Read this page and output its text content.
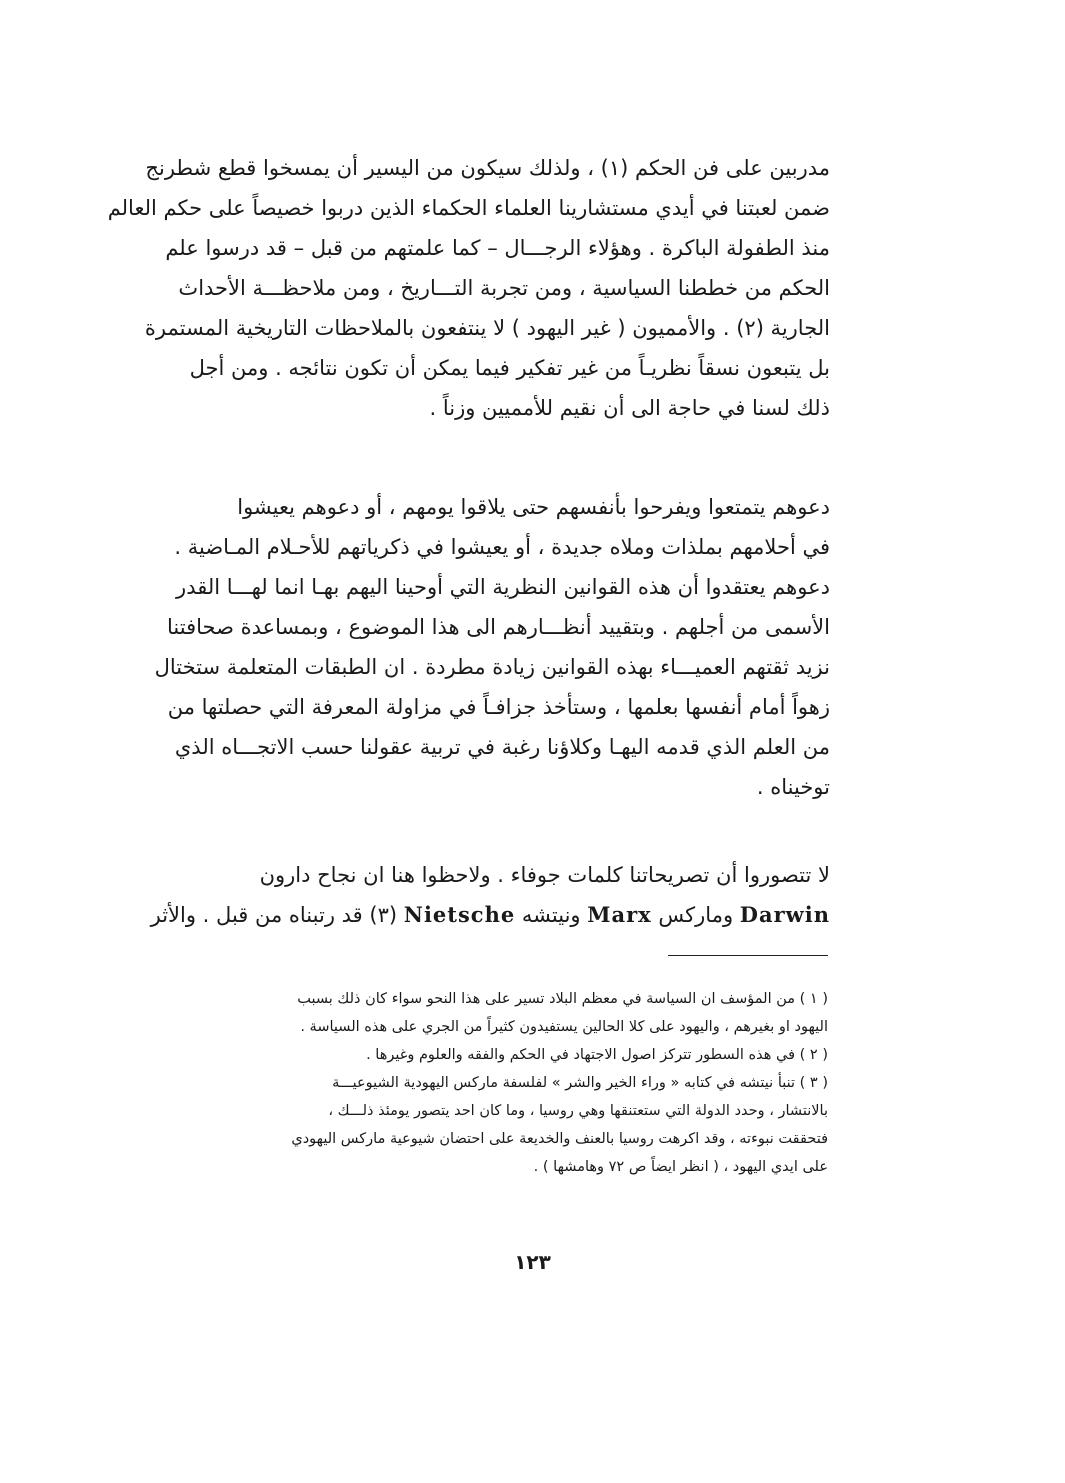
مدربين على فن الحكم (١) ، ولذلك سيكون من اليسير أن يمسخوا قطع شطرنج
ضمن لعبتنا في أيدي مستشارينا العلماء الحكماء الذين دربوا خصيصاً على حكم العالم
منذ الطفولة الباكرة . وهؤلاء الرجـــال – كما علمتهم من قبل – قد درسوا علم
الحكم من خططنا السياسية ، ومن تجربة التـــاريخ ، ومن ملاحظـــة الأحداث
الجارية (٢) . والأمميون ( غير اليهود ) لا ينتفعون بالملاحظات التاريخية المستمرة
بل يتبعون نسقاً نظريـاً من غير تفكير فيما يمكن أن تكون نتائجه . ومن أجل
ذلك لسنا في حاجة الى أن نقيم للأمميين وزناً .
دعوهم يتمتعوا ويفرحوا بأنفسهم حتى يلاقوا يومهم ، أو دعوهم يعيشوا
في أحلامهم بملذات وملاه جديدة ، أو يعيشوا في ذكرياتهم للأحـلام المـاضية .
دعوهم يعتقدوا أن هذه القوانين النظرية التي أوحينا اليهم بهـا انما لهـــا القدر
الأسمى من أجلهم . وبتقييد أنظـــارهم الى هذا الموضوع ، وبمساعدة صحافتنا
نزيد ثقتهم العميـــاء بهذه القوانين زيادة مطردة . ان الطبقات المتعلمة ستختال
زهواً أمام أنفسها بعلمها ، وستأخذ جزافـاً في مزاولة المعرفة التي حصلتها من
من العلم الذي قدمه اليهـا وكلاؤنا رغبة في تربية عقولنا حسب الاتجـــاه الذي
توخيناه .
لا تتصوروا أن تصريحاتنا كلمات جوفاء . ولاحظوا هنا ان نجاح دارون
Darwin ومارکس Marx ونيتشه Nietsche (٣) قد رتبناه من قبل . والأثر
( ١ ) من المؤسف ان السياسة في معظم البلاد تسير على هذا النحو سواء كان ذلك بسبب
اليهود او بغيرهم ، واليهود على كلا الحالين يستفيدون كثيراً من الجري على هذه السياسة .
( ٢ ) في هذه السطور تتركز اصول الاجتهاد في الحكم والفقه والعلوم وغيرها .
( ٣ ) تنبأ نيتشه في كتابه « وراء الخير والشر » لفلسفة ماركس اليهودية الشيوعيـــة
بالانتشار ، وحدد الدولة التي ستعتنقها وهي روسيا ، وما كان احد يتصور يومئذ ذلـــك ،
فتحققت نبوءته ، وقد اكرهت روسيا بالعنف والخديعة على احتضان شيوعية ماركس اليهودي
على ايدي اليهود ، ( انظر ايضاً ص ٧٢ وهامشها ) .
١٢٣
